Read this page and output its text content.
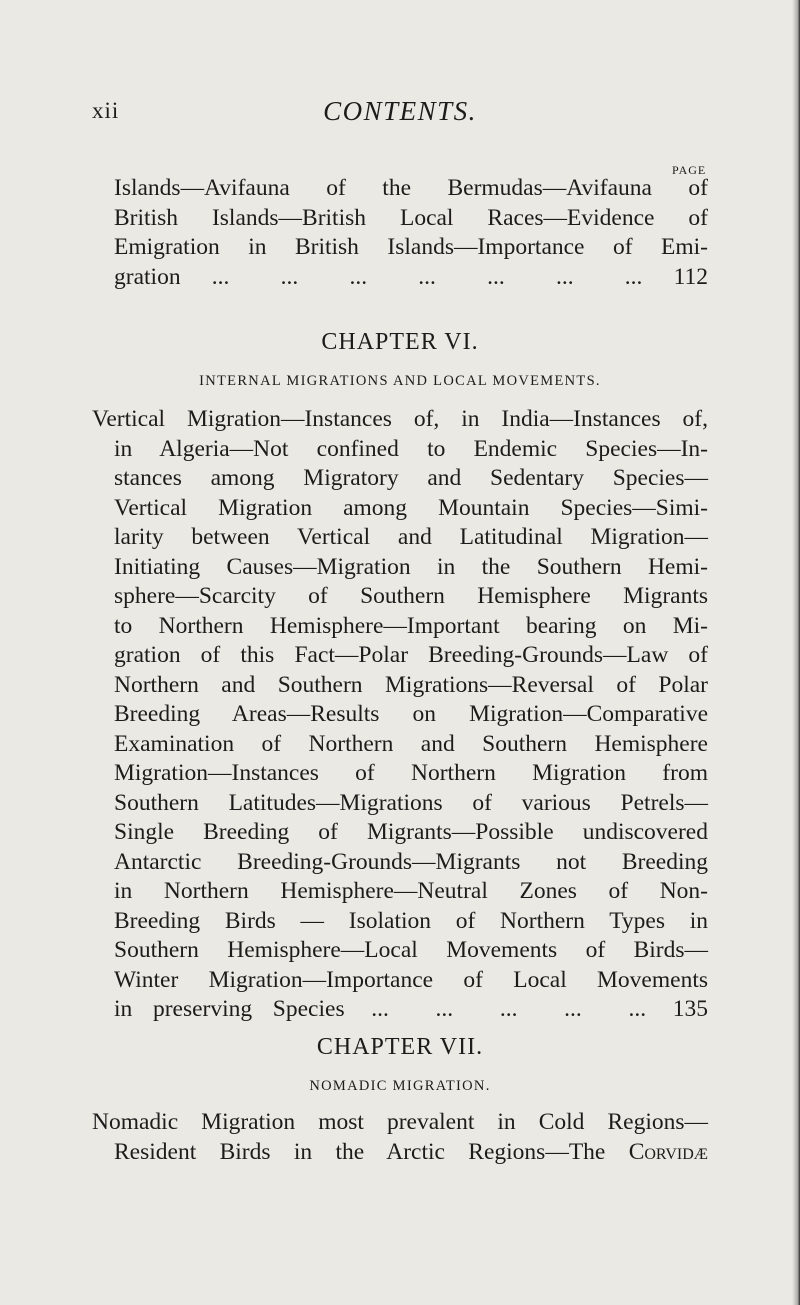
xii	CONTENTS.
PAGE
Islands—Avifauna of the Bermudas—Avifauna of
British Islands—British Local Races—Evidence of
Emigration in British Islands—Importance of Emi-
gration ... ... ... ... ... ... ... 112
CHAPTER VI.
INTERNAL MIGRATIONS AND LOCAL MOVEMENTS.
Vertical Migration—Instances of, in India—Instances of,
in Algeria—Not confined to Endemic Species—In-
stances among Migratory and Sedentary Species—
Vertical Migration among Mountain Species—Simi-
larity between Vertical and Latitudinal Migration—
Initiating Causes—Migration in the Southern Hemi-
sphere—Scarcity of Southern Hemisphere Migrants
to Northern Hemisphere—Important bearing on Mi-
gration of this Fact—Polar Breeding-Grounds—Law of
Northern and Southern Migrations—Reversal of Polar
Breeding Areas—Results on Migration—Comparative
Examination of Northern and Southern Hemisphere
Migration—Instances of Northern Migration from
Southern Latitudes—Migrations of various Petrels—
Single Breeding of Migrants—Possible undiscovered
Antarctic Breeding-Grounds—Migrants not Breeding
in Northern Hemisphere—Neutral Zones of Non-
Breeding Birds — Isolation of Northern Types in
Southern Hemisphere—Local Movements of Birds—
Winter Migration—Importance of Local Movements
in preserving Species ... ... ... ... ... 135
CHAPTER VII.
NOMADIC MIGRATION.
Nomadic Migration most prevalent in Cold Regions—
Resident Birds in the Arctic Regions—The Corvidæ
